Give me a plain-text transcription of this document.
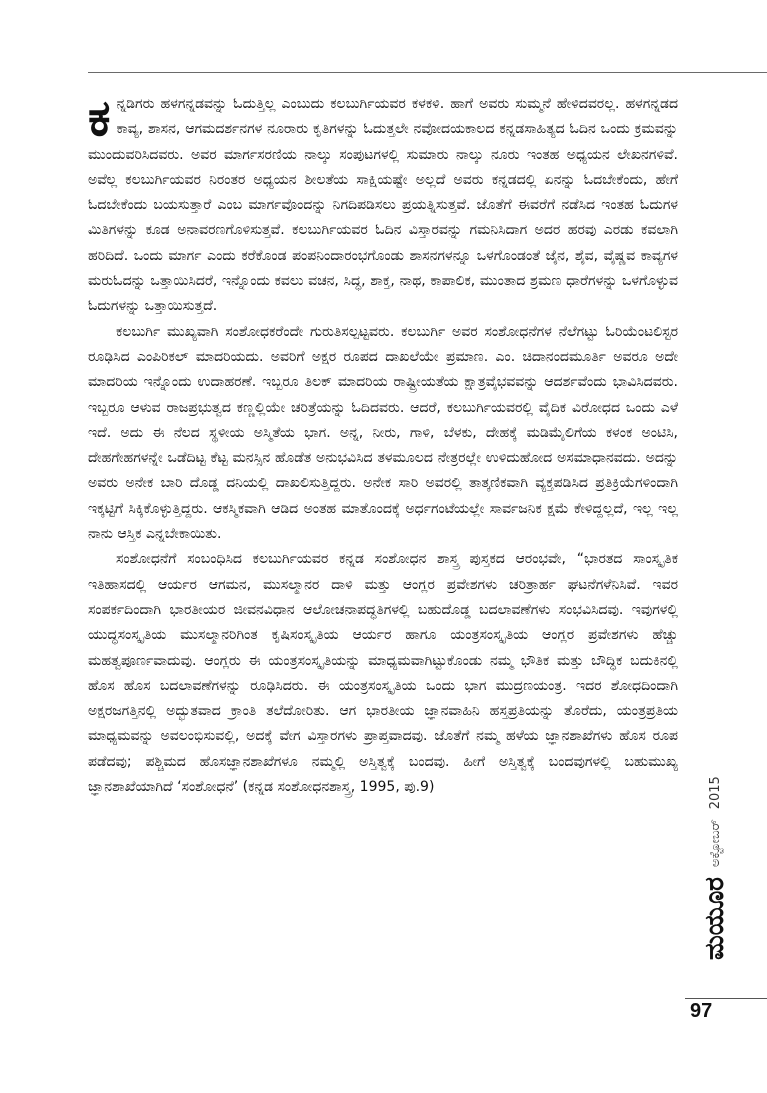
ಕನ್ನಡಿಗರು ಹಳಗನ್ನಡವನ್ನು ಓದುತ್ತಿಲ್ಲ ಎಂಬುದು ಕಲಬುರ್ಗಿಯವರ ಕಳಕಳಿ. ಹಾಗೆ ಅವರು ಸುಮ್ಮನೆ ಹೇಳಿದವರಲ್ಲ. ಹಳಗನ್ನಡದ ಕಾವ್ಯ, ಶಾಸನ, ಆಗಮದರ್ಶನಗಳ ನೂರಾರು ಕೃತಿಗಳನ್ನು ಓದುತ್ತಲೇ ನವೋದಯಕಾಲದ ಕನ್ನಡಸಾಹಿತ್ಯದ ಓದಿನ ಒಂದು ಕ್ರಮವನ್ನು ಮುಂದುವರಿಸಿದವರು. ಅವರ ಮಾರ್ಗಸರಣಿಯ ನಾಲ್ಕು ಸಂಪುಟಗಳಲ್ಲಿ ಸುಮಾರು ನಾಲ್ಕು ನೂರು ಇಂತಹ ಅಧ್ಯಯನ ಲೇಖನಗಳಿವೆ. ಅವೆಲ್ಲ ಕಲಬುರ್ಗಿಯವರ ನಿರಂತರ ಅಧ್ಯಯನ ಶೀಲತೆಯ ಸಾಕ್ಷಿಯಷ್ಟೇ ಅಲ್ಲದೆ ಅವರು ಕನ್ನಡದಲ್ಲಿ ಏನನ್ನು ಓದಬೇಕೆಂದು, ಹೇಗೆ ಓದಬೇಕೆಂದು ಬಯಸುತ್ತಾರೆ ಎಂಬ ಮಾರ್ಗವೊಂದನ್ನು ನಿಗದಿಪಡಿಸಲು ಪ್ರಯತ್ನಿಸುತ್ತವೆ. ಜೊತೆಗೆ ಈವರೆಗೆ ನಡೆಸಿದ ಇಂತಹ ಓದುಗಳ ಮಿತಿಗಳನ್ನು ಕೂಡ ಅನಾವರಣಗೊಳಿಸುತ್ತವೆ. ಕಲಬುರ್ಗಿಯವರ ಓದಿನ ವಿಸ್ತಾರವನ್ನು ಗಮನಿಸಿದಾಗ ಅದರ ಹರವು ಎರಡು ಕವಲಾಗಿ ಹರಿದಿದೆ. ಒಂದು ಮಾರ್ಗ ಎಂದು ಕರೆಕೊಂಡ ಪಂಪನಿಂದಾರಂಭಗೊಂಡು ಶಾಸನಗಳನ್ನೂ ಒಳಗೊಂಡಂತೆ ಜೈನ, ಶೈವ, ವೈಷ್ಣವ ಕಾವ್ಯಗಳ ಮರುಓದನ್ನು ಒತ್ತಾಯಿಸಿದರೆ, ಇನ್ನೊಂದು ಕವಲು ವಚನ, ಸಿದ್ಧ, ಶಾಕ್ತ, ನಾಥ, ಕಾಪಾಲಿಕ, ಮುಂತಾದ ಶ್ರಮಣ ಧಾರೆಗಳನ್ನು ಒಳಗೊಳ್ಳುವ ಓದುಗಳನ್ನು ಒತ್ತಾಯಿಸುತ್ತದೆ.

ಕಲಬುರ್ಗಿ ಮುಖ್ಯವಾಗಿ ಸಂಶೋಧಕರೆಂದೇ ಗುರುತಿಸಲ್ಪಟ್ಟವರು. ಕಲಬುರ್ಗಿ ಅವರ ಸಂಶೋಧನೆಗಳ ನೆಲೆಗಟ್ಟು ಓರಿಯೆಂಟಲಿಸ್ಟರ ರೂಢಿಸಿದ ಎಂಪಿರಿಕಲ್ ಮಾದರಿಯದು. ಅವರಿಗೆ ಅಕ್ಷರ ರೂಪದ ದಾಖಲೆಯೇ ಪ್ರಮಾಣ. ಎಂ. ಚಿದಾನಂದಮೂರ್ತಿ ಅವರೂ ಅದೇ ಮಾದರಿಯ ಇನ್ನೊಂದು ಉದಾಹರಣೆ. ಇಬ್ಬರೂ ತಿಲಕ್ ಮಾದರಿಯ ರಾಷ್ಟ್ರೀಯತೆಯ ಕ್ಷಾತ್ರವೈಭವವನ್ನು ಆದರ್ಶವೆಂದು ಭಾವಿಸಿದವರು. ಇಬ್ಬರೂ ಆಳುವ ರಾಜಪ್ರಭುತ್ವದ ಕಣ್ಣಲ್ಲಿಯೇ ಚರಿತ್ರೆಯನ್ನು ಓದಿದವರು. ಆದರೆ, ಕಲಬುರ್ಗಿಯವರಲ್ಲಿ ವೈದಿಕ ವಿರೋಧದ ಒಂದು ಎಳೆ ಇದೆ. ಅದು ಈ ನೆಲದ ಸ್ಥಳೀಯ ಅಸ್ಮಿತೆಯ ಭಾಗ. ಅನ್ನ, ನೀರು, ಗಾಳಿ, ಬೆಳಕು, ದೇಹಕ್ಕೆ ಮಡಿಮೈಲಿಗೆಯ ಕಳಂಕ ಅಂಟಿಸಿ, ದೇಹಗೇಹಗಳನ್ನೇ ಒಡೆದಿಟ್ಟ ಕೆಟ್ಟ ಮನಸ್ಸಿನ ಹೊಡೆತ ಅನುಭವಿಸಿದ ತಳಮೂಲದ ನೇತ್ರರಲ್ಲೇ ಉಳಿದುಹೋದ ಅಸಮಾಧಾನವದು. ಅದನ್ನು ಅವರು ಅನೇಕ ಬಾರಿ ದೊಡ್ಡ ದನಿಯಲ್ಲಿ ದಾಖಲಿಸುತ್ತಿದ್ದರು. ಅನೇಕ ಸಾರಿ ಅವರಲ್ಲಿ ತಾತ್ಕಣಿಕವಾಗಿ ವ್ಯಕ್ತಪಡಿಸಿದ ಪ್ರತಿಕ್ರಿಯೆಗಳಿಂದಾಗಿ ಇಕ್ಕಟ್ಟಿಗೆ ಸಿಕ್ಕಿಕೊಳ್ಳುತ್ತಿದ್ದರು. ಆಕಸ್ಮಿಕವಾಗಿ ಆಡಿದ ಅಂತಹ ಮಾತೊಂದಕ್ಕೆ ಅರ್ಧಗಂಟೆಯಲ್ಲೇ ಸಾರ್ವಜನಿಕ ಕ್ಷಮೆ ಕೇಳಿದ್ದಲ್ಲದೆ, ಇಲ್ಲ ಇಲ್ಲ ನಾನು ಆಸ್ತಿಕ ಎನ್ನಬೇಕಾಯಿತು.

ಸಂಶೋಧನೆಗೆ ಸಂಬಂಧಿಸಿದ ಕಲಬುರ್ಗಿಯವರ ಕನ್ನಡ ಸಂಶೋಧನ ಶಾಸ್ತ್ರ ಪುಸ್ತಕದ ಆರಂಭವೇ, “ಭಾರತದ ಸಾಂಸ್ಕೃತಿಕ ಇತಿಹಾಸದಲ್ಲಿ ಆರ್ಯರ ಆಗಮನ, ಮುಸಲ್ಮಾನರ ದಾಳಿ ಮತ್ತು ಆಂಗ್ಲರ ಪ್ರವೇಶಗಳು ಚರಿತ್ರಾರ್ಹ ಘಟನೆಗಳೆನಿಸಿವೆ. ಇವರ ಸಂಪರ್ಕದಿಂದಾಗಿ ಭಾರತೀಯರ ಜೀವನವಿಧಾನ ಆಲೋಚನಾಪದ್ಧತಿಗಳಲ್ಲಿ ಬಹುದೊಡ್ಡ ಬದಲಾವಣೆಗಳು ಸಂಭವಿಸಿದವು. ಇವುಗಳಲ್ಲಿ ಯುದ್ಧಸಂಸ್ಕೃತಿಯ ಮುಸಲ್ಮಾನರಿಗಿಂತ ಕೃಷಿಸಂಸ್ಕೃತಿಯ ಆರ್ಯರ ಹಾಗೂ ಯಂತ್ರಸಂಸ್ಕೃತಿಯ ಆಂಗ್ಲರ ಪ್ರವೇಶಗಳು ಹೆಚ್ಚು ಮಹತ್ವಪೂರ್ಣವಾದುವು. ಆಂಗ್ಲರು ಈ ಯಂತ್ರಸಂಸ್ಕೃತಿಯನ್ನು ಮಾಧ್ಯಮವಾಗಿಟ್ಟುಕೊಂಡು ನಮ್ಮ ಭೌತಿಕ ಮತ್ತು ಬೌದ್ಧಿಕ ಬದುಕಿನಲ್ಲಿ ಹೊಸ ಹೊಸ ಬದಲಾವಣೆಗಳನ್ನು ರೂಢಿಸಿದರು. ಈ ಯಂತ್ರಸಂಸ್ಕೃತಿಯ ಒಂದು ಭಾಗ ಮುದ್ರಣಯಂತ್ರ. ಇದರ ಶೋಧದಿಂದಾಗಿ ಅಕ್ಷರಜಗತ್ತಿನಲ್ಲಿ ಅದ್ಭುತವಾದ ಕ್ರಾಂತಿ ತಲೆದೋರಿತು. ಆಗ ಭಾರತೀಯ ಜ್ಞಾನವಾಹಿನಿ ಹಸ್ತಪ್ರತಿಯನ್ನು ತೊರೆದು, ಯಂತ್ರಪ್ರತಿಯ ಮಾಧ್ಯಮವನ್ನು ಅವಲಂಭಿಸುವಲ್ಲಿ, ಅದಕ್ಕೆ ವೇಗ ವಿಸ್ತಾರಗಳು ಪ್ರಾಪ್ತವಾದವು. ಜೊತೆಗೆ ನಮ್ಮ ಹಳೆಯ ಜ್ಞಾನಶಾಖೆಗಳು ಹೊಸ ರೂಪ ಪಡೆದವು; ಪಶ್ಚಿಮದ ಹೊಸಜ್ಞಾನಶಾಖೆಗಳೂ ನಮ್ಮಲ್ಲಿ ಅಸ್ತಿತ್ವಕ್ಕೆ ಬಂದವು. ಹೀಗೆ ಅಸ್ತಿತ್ವಕ್ಕೆ ಬಂದವುಗಳಲ್ಲಿ ಬಹುಮುಖ್ಯ ಜ್ಞಾನಶಾಖೆಯಾಗಿದೆ ‘ಸಂಶೋಧನೆ’ (ಕನ್ನಡ ಸಂಶೋಧನಶಾಸ್ತ್ರ, 1995, ಪು.9)

ಮಯೂರ
ಅಕ್ಟೋಬರ್
2015
97
